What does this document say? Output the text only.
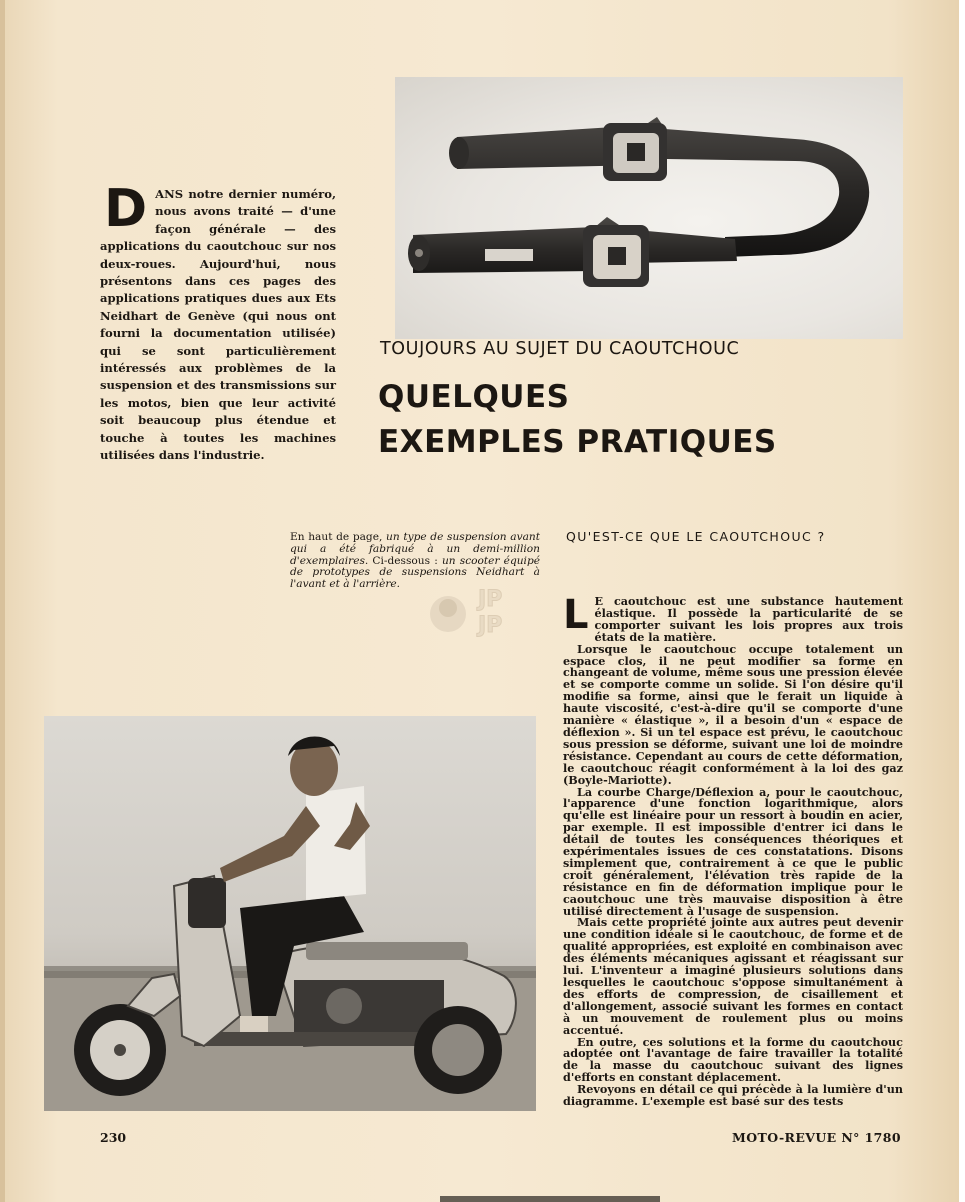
DANS notre dernier numéro, nous avons traité — d'une façon générale — des applications du caoutchouc sur nos deux-roues. Aujourd'hui, nous présentons dans ces pages des applications pratiques dues aux Ets Neidhart de Genève (qui nous ont fourni la documentation utilisée) qui se sont particulièrement intéressés aux problèmes de la suspension et des transmissions sur les motos, bien que leur activité soit beaucoup plus étendue et touche à toutes les machines utilisées dans l'industrie.
TOUJOURS AU SUJET DU CAOUTCHOUC
QUELQUES
EXEMPLES PRATIQUES
En haut de page, un type de suspension avant qui a été fabriqué à un demi-million d'exemplaires. Ci-dessous : un scooter équipé de prototypes de suspensions Neidhart à l'avant et à l'arrière.
JP
JP
QU'EST-CE QUE LE CAOUTCHOUC ?

L E caoutchouc est une substance hautement élastique. Il possède la particularité de se comporter suivant les lois propres aux trois états de la matière.

Lorsque le caoutchouc occupe totalement un espace clos, il ne peut modifier sa forme en changeant de volume, même sous une pression élevée et se comporte comme un solide. Si l'on désire qu'il modifie sa forme, ainsi que le ferait un liquide à haute viscosité, c'est-à-dire qu'il se comporte d'une manière « élastique », il a besoin d'un « espace de déflexion ». Si un tel espace est prévu, le caoutchouc sous pression se déforme, suivant une loi de moindre résistance. Cependant au cours de cette déformation, le caoutchouc réagit conformément à la loi des gaz (Boyle-Mariotte).

La courbe Charge/Déflexion a, pour le caoutchouc, l'apparence d'une fonction logarithmique, alors qu'elle est linéaire pour un ressort à boudin en acier, par exemple. Il est impossible d'entrer ici dans le détail de toutes les conséquences théoriques et expérimentales issues de ces constatations. Disons simplement que, contrairement à ce que le public croit généralement, l'élévation très rapide de la résistance en fin de déformation implique pour le caoutchouc une très mauvaise disposition à être utilisé directement à l'usage de suspension.

Mais cette propriété jointe aux autres peut devenir une condition idéale si le caoutchouc, de forme et de qualité appropriées, est exploité en combinaison avec des éléments mécaniques agissant et réagissant sur lui. L'inventeur a imaginé plusieurs solutions dans lesquelles le caoutchouc s'oppose simultanément à des efforts de compression, de cisaillement et d'allongement, associé suivant les formes en contact à un mouvement de roulement plus ou moins accentué.

En outre, ces solutions et la forme du caoutchouc adoptée ont l'avantage de faire travailler la totalité de la masse du caoutchouc suivant des lignes d'efforts en constant déplacement.

Revoyons en détail ce qui précède à la lumière d'un diagramme. L'exemple est basé sur des tests

230	MOTO-REVUE N° 1780
